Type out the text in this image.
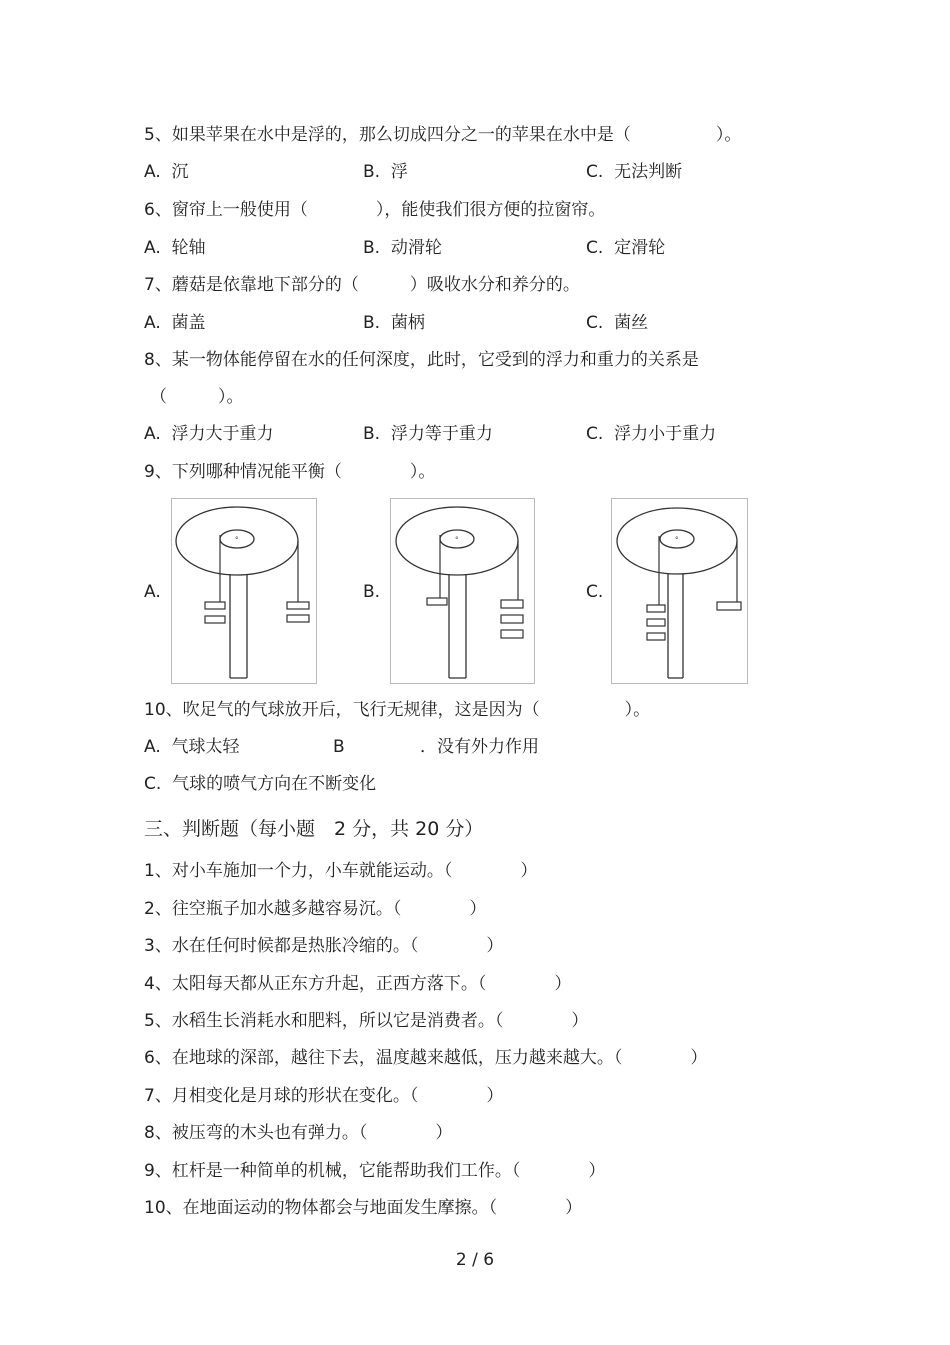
5、如果苹果在水中是浮的，那么切成四分之一的苹果在水中是（　　　　　）。
A.  沉	B.  浮	C.  无法判断
6、窗帘上一般使用（　　　　），能使我们很方便的拉窗帘。
A.  轮轴	B.  动滑轮	C.  定滑轮
7、蘑菇是依靠地下部分的（　　　）吸收水分和养分的。
A.  菌盖	B.  菌柄	C.  菌丝
8、某一物体能停留在水的任何深度，此时，它受到的浮力和重力的关系是
（　　　）。
A.  浮力大于重力	B.  浮力等于重力	C.  浮力小于重力
9、下列哪种情况能平衡（　　　　）。
A.
°
B.
°
C.
°
10、吹足气的气球放开后，飞行无规律，这是因为（　　　　　）。
A.  气球太轻	B	．没有外力作用
C.  气球的喷气方向在不断变化
三、判断题（每小题　2 分，共 20 分）
1、对小车施加一个力，小车就能运动。（　　　　）
2、往空瓶子加水越多越容易沉。（　　　　）
3、水在任何时候都是热胀冷缩的。（　　　　）
4、太阳每天都从正东方升起，正西方落下。（　　　　）
5、水稻生长消耗水和肥料，所以它是消费者。（　　　　）
6、在地球的深部，越往下去，温度越来越低，压力越来越大。（　　　　）
7、月相变化是月球的形状在变化。（　　　　）
8、被压弯的木头也有弹力。（　　　　）
9、杠杆是一种简单的机械，它能帮助我们工作。（　　　　）
10、在地面运动的物体都会与地面发生摩擦。（　　　　）
2 / 6
